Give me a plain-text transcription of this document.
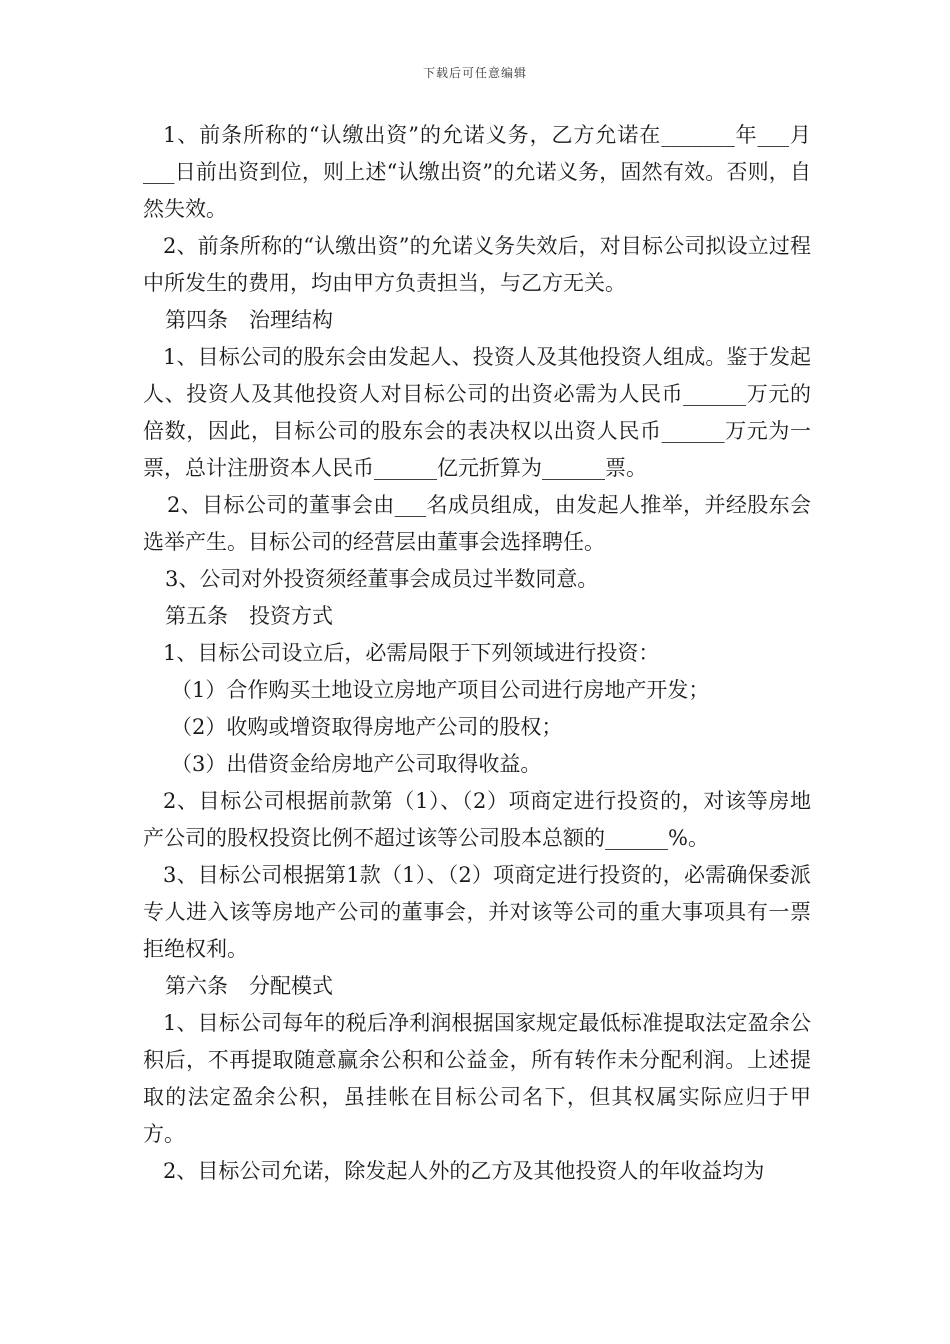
下载后可任意编辑

1、前条所称的“认缴出资”的允诺义务，乙方允诺在_______年___月___日前出资到位，则上述“认缴出资”的允诺义务，固然有效。否则，自然失效。

2、前条所称的“认缴出资”的允诺义务失效后，对目标公司拟设立过程中所发生的费用，均由甲方负责担当，与乙方无关。

第四条　治理结构

1、目标公司的股东会由发起人、投资人及其他投资人组成。鉴于发起人、投资人及其他投资人对目标公司的出资必需为人民币______万元的倍数，因此，目标公司的股东会的表决权以出资人民币______万元为一票，总计注册资本人民币______亿元折算为______票。

2、目标公司的董事会由___名成员组成，由发起人推举，并经股东会选举产生。目标公司的经营层由董事会选择聘任。

3、公司对外投资须经董事会成员过半数同意。

第五条　投资方式

1、目标公司设立后，必需局限于下列领域进行投资：

（1）合作购买土地设立房地产项目公司进行房地产开发；

（2）收购或增资取得房地产公司的股权；

（3）出借资金给房地产公司取得收益。

2、目标公司根据前款第（1）、（2）项商定进行投资的，对该等房地产公司的股权投资比例不超过该等公司股本总额的______%。

3、目标公司根据第1款（1）、（2）项商定进行投资的，必需确保委派专人进入该等房地产公司的董事会，并对该等公司的重大事项具有一票拒绝权利。

第六条　分配模式

1、目标公司每年的税后净利润根据国家规定最低标准提取法定盈余公积后，不再提取随意赢余公积和公益金，所有转作未分配利润。上述提取的法定盈余公积，虽挂帐在目标公司名下，但其权属实际应归于甲方。

2、目标公司允诺，除发起人外的乙方及其他投资人的年收益均为
